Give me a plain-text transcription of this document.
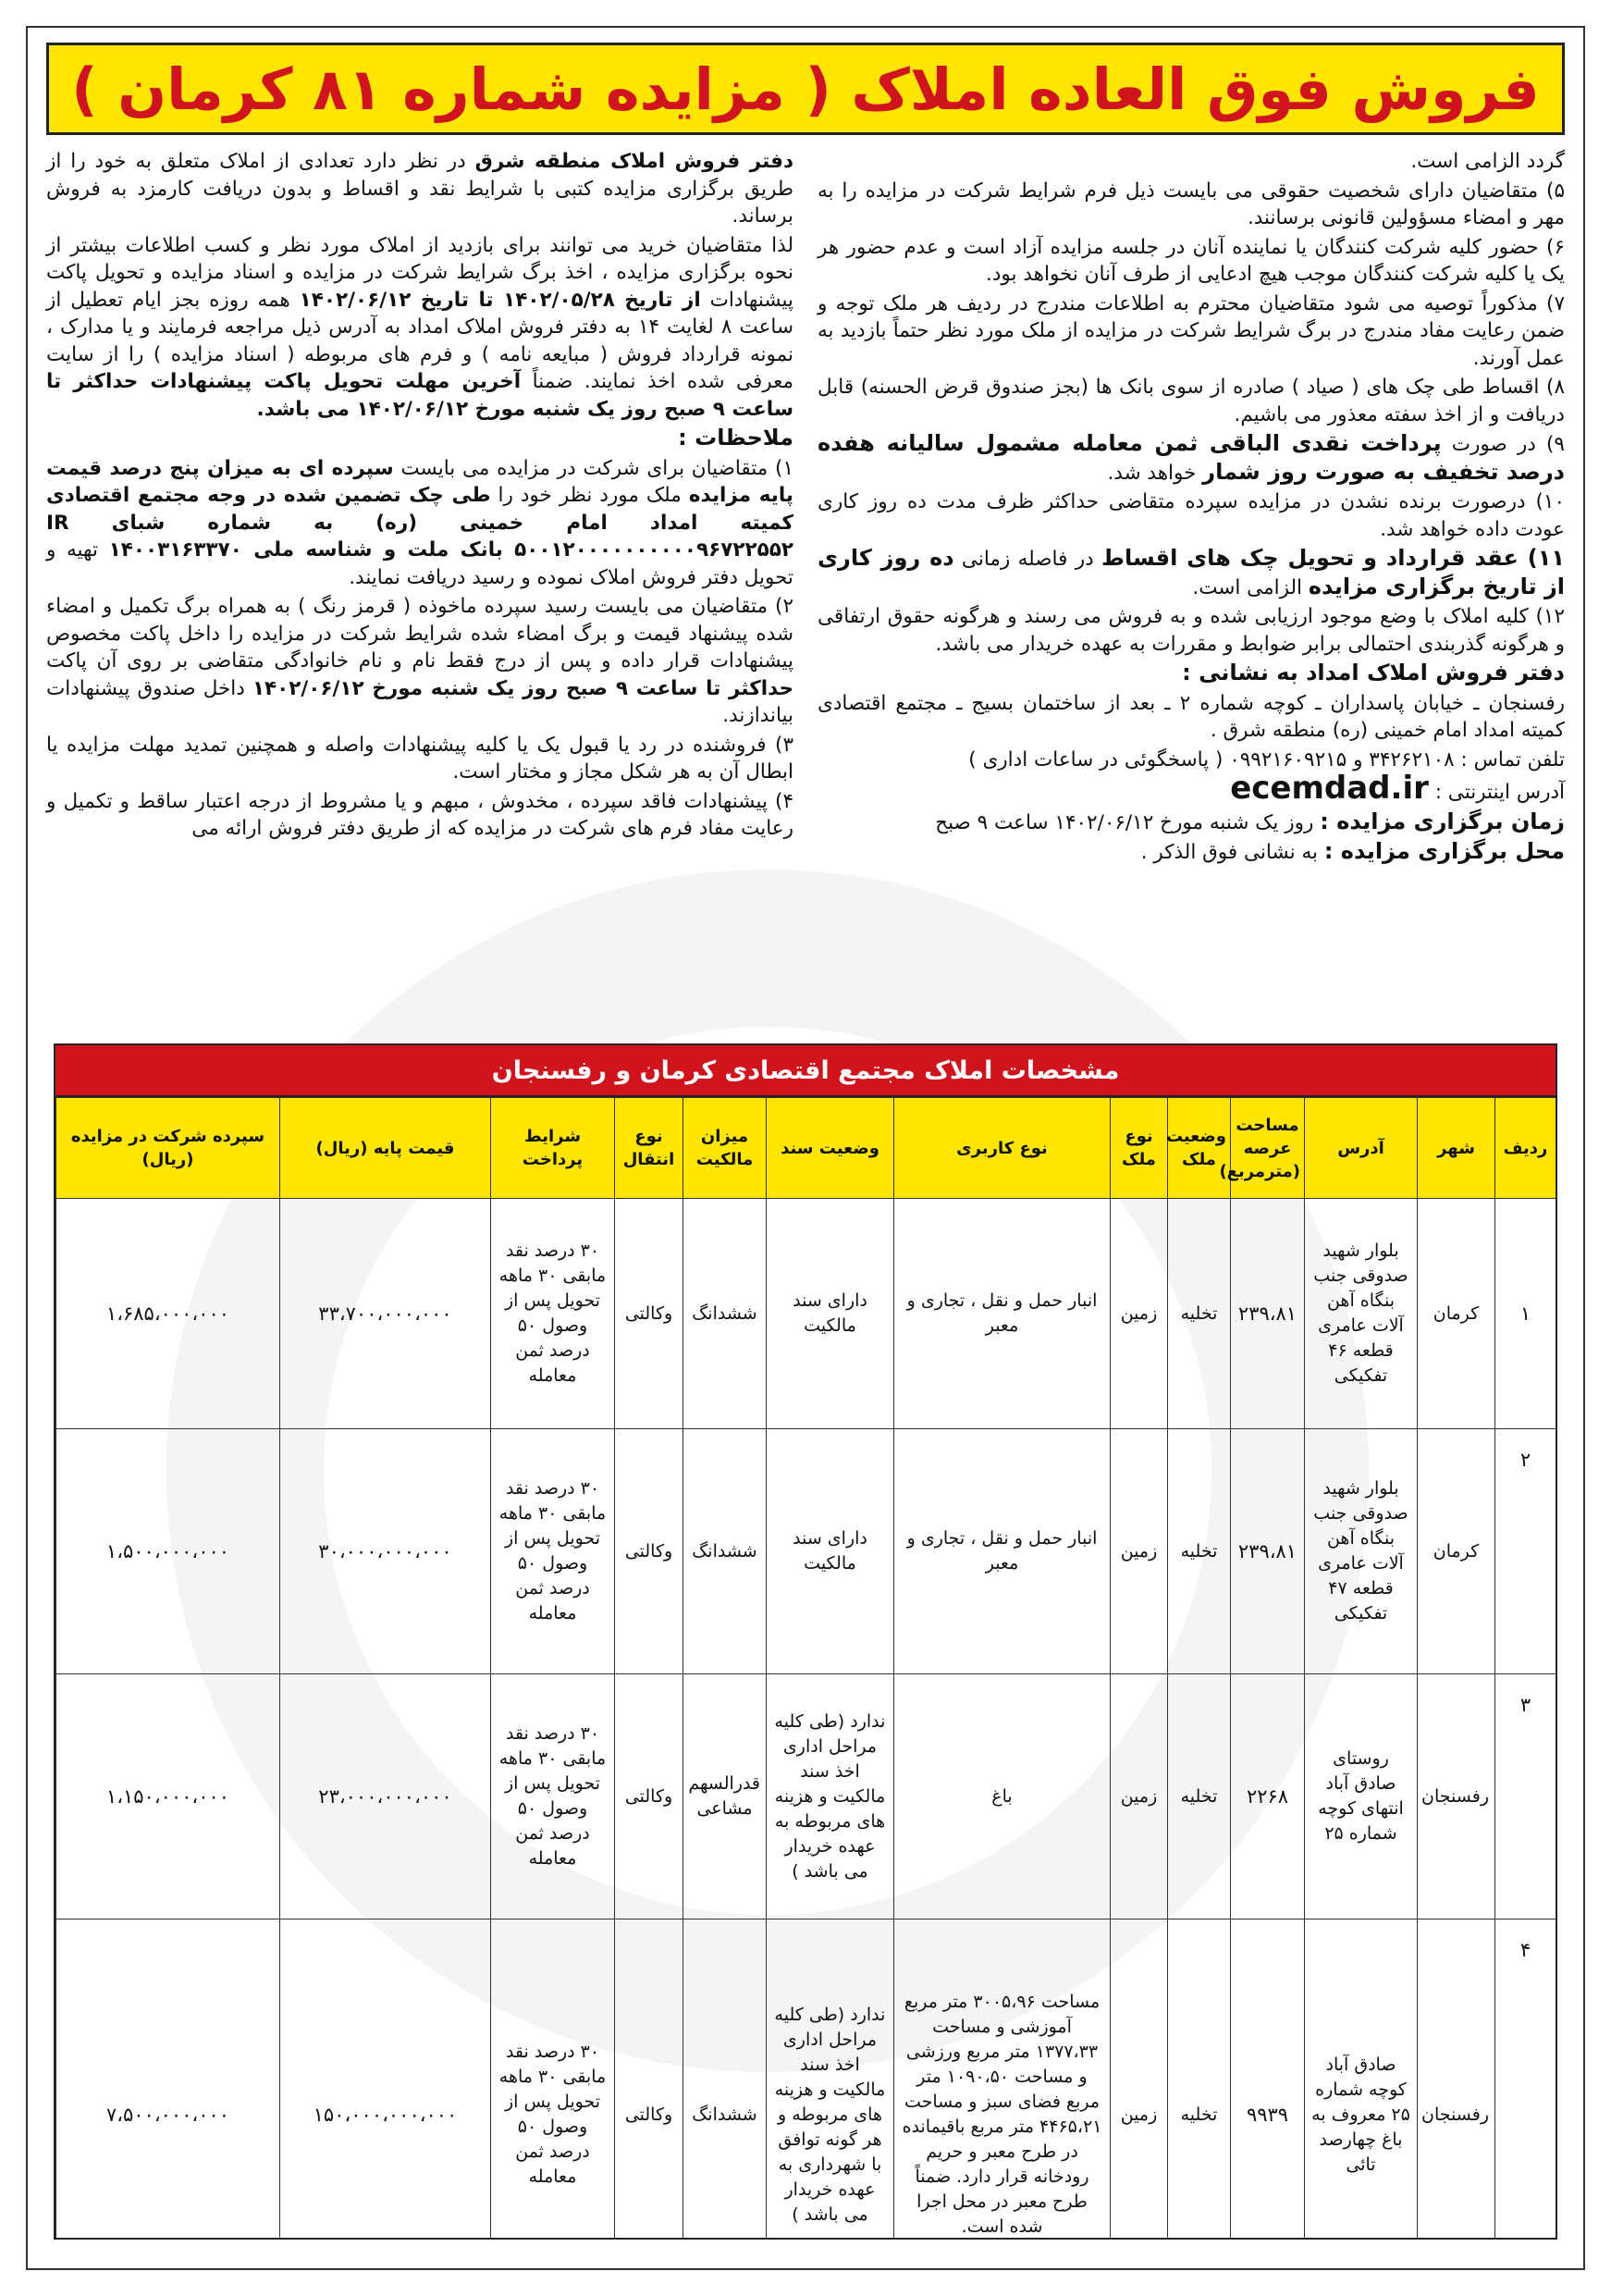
فروش فوق العاده املاک ( مزایده شماره ۸۱ کرمان )

دفتر فروش املاک منطقه شرق در نظر دارد تعدادی از املاک متعلق به خود را از طریق برگزاری مزایده کتبی با شرایط نقد و اقساط و بدون دریافت کارمزد به فروش برساند.

لذا متقاضیان خرید می توانند برای بازدید از املاک مورد نظر و کسب اطلاعات بیشتر از نحوه برگزاری مزایده ، اخذ برگ شرایط شرکت در مزایده و اسناد مزایده و تحویل پاکت پیشنهادات از تاریخ ۱۴۰۲/۰۵/۲۸ تا تاریخ ۱۴۰۲/۰۶/۱۲ همه روزه بجز ایام تعطیل از ساعت ۸ لغایت ۱۴ به دفتر فروش املاک امداد به آدرس ذیل مراجعه فرمایند و یا مدارک ، نمونه قرارداد فروش ( مبایعه نامه ) و فرم های مربوطه ( اسناد مزایده ) را از سایت معرفی شده اخذ نمایند. ضمناً آخرین مهلت تحویل پاکت پیشنهادات حداکثر تا ساعت ۹ صبح روز یک شنبه مورخ ۱۴۰۲/۰۶/۱۲ می باشد.

ملاحظات :

۱) متقاضیان برای شرکت در مزایده می بایست سپرده ای به میزان پنج درصد قیمت پایه مزایده ملک مورد نظر خود را طی چک تضمین شده در وجه مجتمع اقتصادی کمیته امداد امام خمینی (ره) به شماره شبای IR ۵۰۰۱۲۰۰۰۰۰۰۰۰۰۰۹۶۷۲۲۵۵۲ بانک ملت و شناسه ملی ۱۴۰۰۳۱۶۳۳۷۰ تهیه و تحویل دفتر فروش املاک نموده و رسید دریافت نمایند.

۲) متقاضیان می بایست رسید سپرده ماخوذه ( قرمز رنگ ) به همراه برگ تکمیل و امضاء شده پیشنهاد قیمت و برگ امضاء شده شرایط شرکت در مزایده را داخل پاکت مخصوص پیشنهادات قرار داده و پس از درج فقط نام و نام خانوادگی متقاضی بر روی آن پاکت حداکثر تا ساعت ۹ صبح روز یک شنبه مورخ ۱۴۰۲/۰۶/۱۲ داخل صندوق پیشنهادات بیاندازند.

۳) فروشنده در رد یا قبول یک یا کلیه پیشنهادات واصله و همچنین تمدید مهلت مزایده یا ابطال آن به هر شکل مجاز و مختار است.

۴) پیشنهادات فاقد سپرده ، مخدوش ، مبهم و یا مشروط از درجه اعتبار ساقط و تکمیل و رعایت مفاد فرم های شرکت در مزایده که از طریق دفتر فروش ارائه می

گردد الزامی است.

۵) متقاضیان دارای شخصیت حقوقی می بایست ذیل فرم شرایط شرکت در مزایده را به مهر و امضاء مسؤولین قانونی برسانند.

۶) حضور کلیه شرکت کنندگان یا نماینده آنان در جلسه مزایده آزاد است و عدم حضور هر یک یا کلیه شرکت کنندگان موجب هیچ ادعایی از طرف آنان نخواهد بود.

۷) مذکوراً توصیه می شود متقاضیان محترم به اطلاعات مندرج در ردیف هر ملک توجه و ضمن رعایت مفاد مندرج در برگ شرایط شرکت در مزایده از ملک مورد نظر حتماً بازدید به عمل آورند.

۸) اقساط طی چک های ( صیاد ) صادره از سوی بانک ها (بجز صندوق قرض الحسنه) قابل دریافت و از اخذ سفته معذور می باشیم.

۹) در صورت پرداخت نقدی الباقی ثمن معامله مشمول سالیانه هفده درصد تخفیف به صورت روز شمار خواهد شد.

۱۰) درصورت برنده نشدن در مزایده سپرده متقاضی حداکثر ظرف مدت ده روز کاری عودت داده خواهد شد.

۱۱) عقد قرارداد و تحویل چک های اقساط در فاصله زمانی ده روز کاری از تاریخ برگزاری مزایده الزامی است.

۱۲) کلیه املاک با وضع موجود ارزیابی شده و به فروش می رسند و هرگونه حقوق ارتفاقی و هرگونه گذربندی احتمالی برابر ضوابط و مقررات به عهده خریدار می باشد.

دفتر فروش املاک امداد به نشانی :

رفسنجان ـ خیابان پاسداران ـ کوچه شماره ۲ ـ بعد از ساختمان بسیج ـ مجتمع اقتصادی کمیته امداد امام خمینی (ره) منطقه شرق .

تلفن تماس : ۳۴۲۶۲۱۰۸ و ۰۹۹۲۱۶۰۹۲۱۵ ( پاسخگوئی در ساعات اداری )

آدرس اینترنتی : ecemdad.ir

زمان برگزاری مزایده : روز یک شنبه مورخ ۱۴۰۲/۰۶/۱۲ ساعت ۹ صبح

محل برگزاری مزایده : به نشانی فوق الذکر .

مشخصات املاک مجتمع اقتصادی کرمان و رفسنجان
ردیف	شهر	آدرس	مساحت عرصه (مترمربع)	وضعیت ملک	نوع ملک	نوع کاربری	وضعیت سند	میزان مالکیت	نوع انتقال	شرایط پرداخت	قیمت پایه (ریال)	سپرده شرکت در مزایده (ریال)
۱	کرمان	بلوار شهید صدوقی جنب بنگاه آهن آلات عامری قطعه ۴۶ تفکیکی	۲۳۹،۸۱	تخلیه	زمین	انبار حمل و نقل ، تجاری و معبر	دارای سند مالکیت	ششدانگ	وکالتی	۳۰ درصد نقد مابقی ۳۰ ماهه تحویل پس از وصول ۵۰ درصد ثمن معامله	۳۳،۷۰۰،۰۰۰،۰۰۰	۱،۶۸۵،۰۰۰،۰۰۰
۲	کرمان	بلوار شهید صدوقی جنب بنگاه آهن آلات عامری قطعه ۴۷ تفکیکی	۲۳۹،۸۱	تخلیه	زمین	انبار حمل و نقل ، تجاری و معبر	دارای سند مالکیت	ششدانگ	وکالتی	۳۰ درصد نقد مابقی ۳۰ ماهه تحویل پس از وصول ۵۰ درصد ثمن معامله	۳۰،۰۰۰،۰۰۰،۰۰۰	۱،۵۰۰،۰۰۰،۰۰۰
۳	رفسنجان	روستای صادق آباد انتهای کوچه شماره ۲۵	۲۲۶۸	تخلیه	زمین	باغ	ندارد (طی کلیه مراحل اداری اخذ سند مالکیت و هزینه های مربوطه به عهده خریدار می باشد )	قدرالسهم مشاعی	وکالتی	۳۰ درصد نقد مابقی ۳۰ ماهه تحویل پس از وصول ۵۰ درصد ثمن معامله	۲۳،۰۰۰،۰۰۰،۰۰۰	۱،۱۵۰،۰۰۰،۰۰۰
۴	رفسنجان	صادق آباد کوچه شماره ۲۵ معروف به باغ چهارصد تائی	۹۹۳۹	تخلیه	زمین	مساحت ۳۰۰۵،۹۶ متر مربع آموزشی و مساحت ۱۳۷۷،۳۳ متر مربع ورزشی و مساحت ۱۰۹۰،۵۰ متر مربع فضای سبز و مساحت ۴۴۶۵،۲۱ متر مربع باقیمانده در طرح معبر و حریم رودخانه قرار دارد. ضمناً طرح معبر در محل اجرا شده است.	ندارد (طی کلیه مراحل اداری اخذ سند مالکیت و هزینه های مربوطه و هر گونه توافق با شهرداری به عهده خریدار می باشد )	ششدانگ	وکالتی	۳۰ درصد نقد مابقی ۳۰ ماهه تحویل پس از وصول ۵۰ درصد ثمن معامله	۱۵۰،۰۰۰،۰۰۰،۰۰۰	۷،۵۰۰،۰۰۰،۰۰۰
